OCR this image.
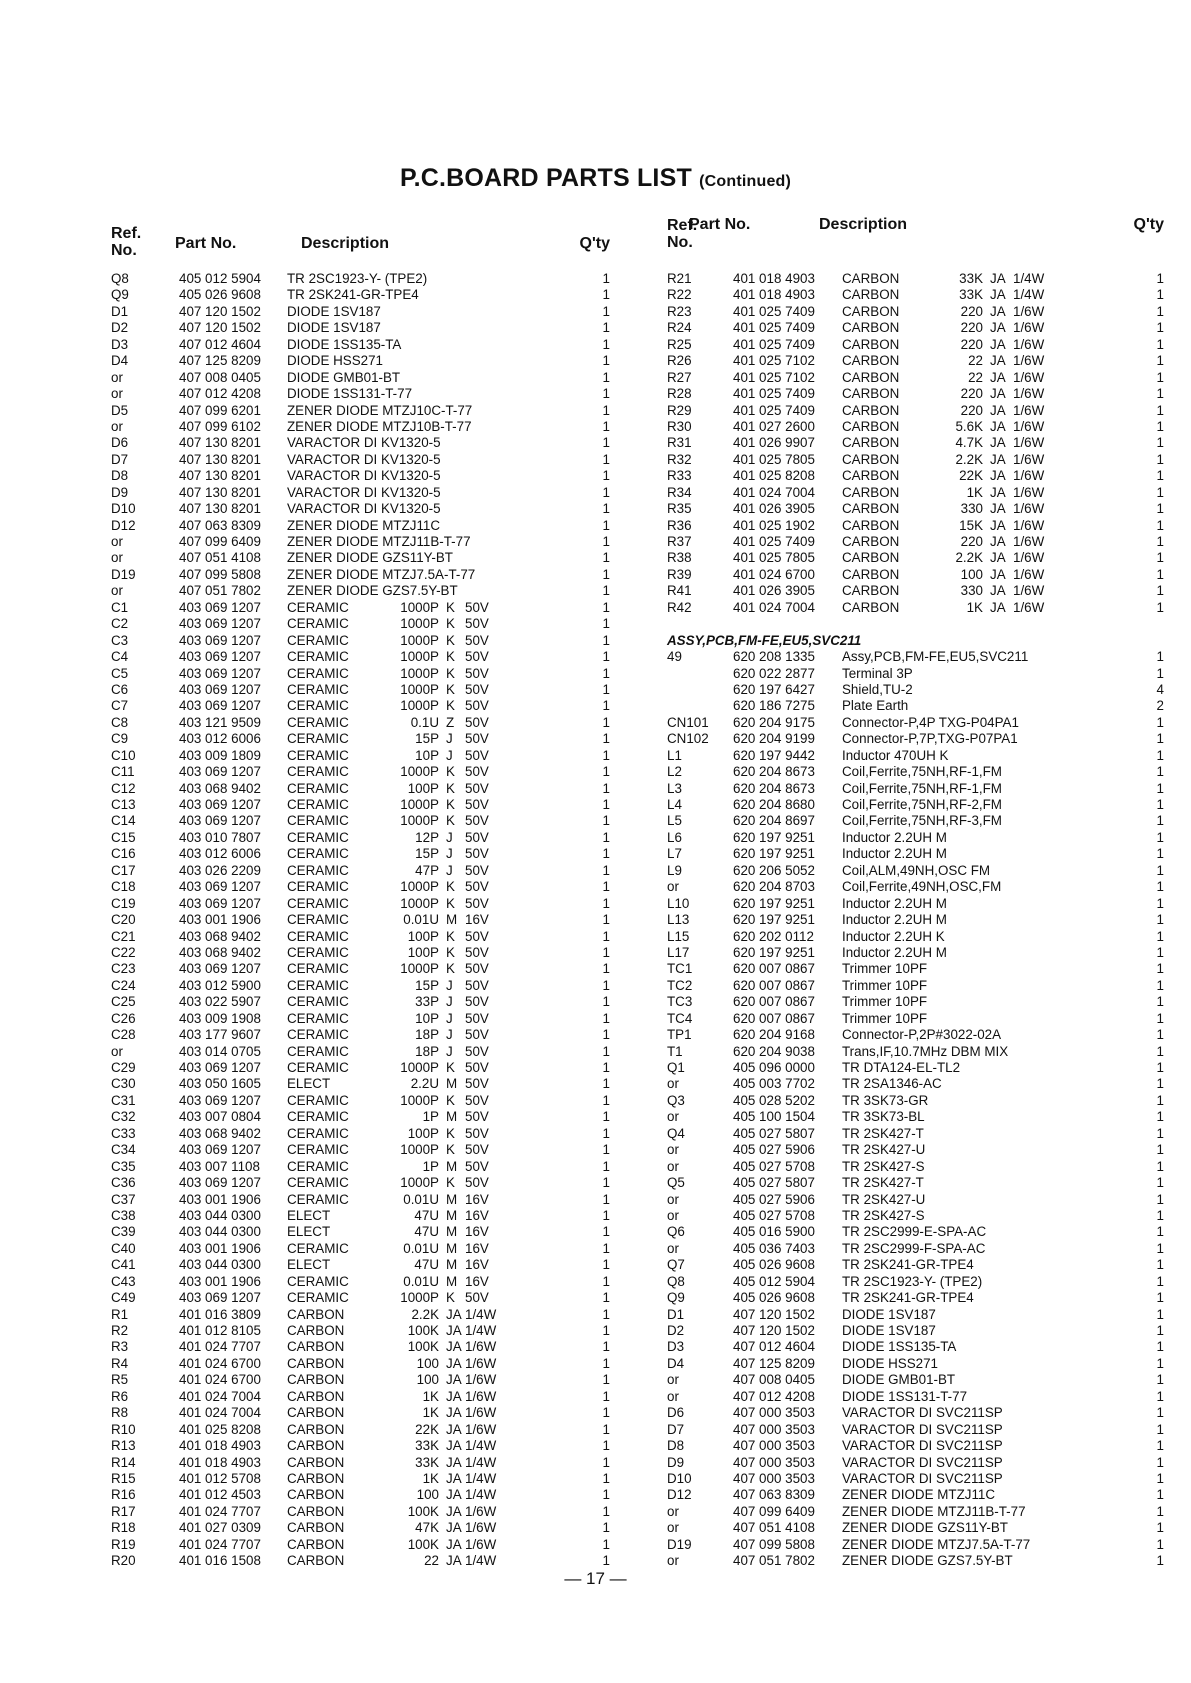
P.C.BOARD PARTS LIST (Continued)
Ref.
No. Part No.	Description	Q'ty
Q8	405 012 5904 TR 2SC1923-Y- (TPE2)	1
Q9	405 026 9608 TR 2SK241-GR-TPE4	1
D1	407 120 1502 DIODE 1SV187	1
D2	407 120 1502 DIODE 1SV187	1
D3	407 012 4604 DIODE 1SS135-TA	1
D4	407 125 8209 DIODE HSS271	1
or	407 008 0405 DIODE GMB01-BT	1
or	407 012 4208 DIODE 1SS131-T-77	1
D5	407 099 6201 ZENER DIODE MTZJ10C-T-77	1
or	407 099 6102 ZENER DIODE MTZJ10B-T-77	1
D6	407 130 8201 VARACTOR DI KV1320-5	1
D7	407 130 8201 VARACTOR DI KV1320-5	1
D8	407 130 8201 VARACTOR DI KV1320-5	1
D9	407 130 8201 VARACTOR DI KV1320-5	1
D10	407 130 8201 VARACTOR DI KV1320-5	1
D12	407 063 8309 ZENER DIODE MTZJ11C	1
or	407 099 6409 ZENER DIODE MTZJ11B-T-77	1
or	407 051 4108 ZENER DIODE GZS11Y-BT	1
D19	407 099 5808 ZENER DIODE MTZJ7.5A-T-77	1
or	407 051 7802 ZENER DIODE GZS7.5Y-BT	1
C1	403 069 1207 CERAMIC	1000P K 50V	1
C2	403 069 1207 CERAMIC	1000P K 50V	1
C3	403 069 1207 CERAMIC	1000P K 50V	1
C4	403 069 1207 CERAMIC	1000P K 50V	1
C5	403 069 1207 CERAMIC	1000P K 50V	1
C6	403 069 1207 CERAMIC	1000P K 50V	1
C7	403 069 1207 CERAMIC	1000P K 50V	1
C8	403 121 9509 CERAMIC	0.1U Z 50V	1
C9	403 012 6006 CERAMIC	15P J 50V	1
C10	403 009 1809 CERAMIC	10P J 50V	1
C11	403 069 1207 CERAMIC	1000P K 50V	1
C12	403 068 9402 CERAMIC	100P K 50V	1
C13	403 069 1207 CERAMIC	1000P K 50V	1
C14	403 069 1207 CERAMIC	1000P K 50V	1
C15	403 010 7807 CERAMIC	12P J 50V	1
C16	403 012 6006 CERAMIC	15P J 50V	1
C17	403 026 2209 CERAMIC	47P J 50V	1
C18	403 069 1207 CERAMIC	1000P K 50V	1
C19	403 069 1207 CERAMIC	1000P K 50V	1
C20	403 001 1906 CERAMIC	0.01U M 16V	1
C21	403 068 9402 CERAMIC	100P K 50V	1
C22	403 068 9402 CERAMIC	100P K 50V	1
C23	403 069 1207 CERAMIC	1000P K 50V	1
C24	403 012 5900 CERAMIC	15P J 50V	1
C25	403 022 5907 CERAMIC	33P J 50V	1
C26	403 009 1908 CERAMIC	10P J 50V	1
C28	403 177 9607 CERAMIC	18P J 50V	1
or	403 014 0705 CERAMIC	18P J 50V	1
C29	403 069 1207 CERAMIC	1000P K 50V	1
C30	403 050 1605 ELECT	2.2U M 50V	1
C31	403 069 1207 CERAMIC	1000P K 50V	1
C32	403 007 0804 CERAMIC	1P M 50V	1
C33	403 068 9402 CERAMIC	100P K 50V	1
C34	403 069 1207 CERAMIC	1000P K 50V	1
C35	403 007 1108 CERAMIC	1P M 50V	1
C36	403 069 1207 CERAMIC	1000P K 50V	1
C37	403 001 1906 CERAMIC	0.01U M 16V	1
C38	403 044 0300 ELECT	47U M 16V	1
C39	403 044 0300 ELECT	47U M 16V	1
C40	403 001 1906 CERAMIC	0.01U M 16V	1
C41	403 044 0300 ELECT	47U M 16V	1
C43	403 001 1906 CERAMIC	0.01U M 16V	1
C49	403 069 1207 CERAMIC	1000P K 50V	1
R1	401 016 3809 CARBON	2.2K JA 1/4W	1
R2	401 012 8105 CARBON	100K JA 1/4W	1
R3	401 024 7707 CARBON	100K JA 1/6W	1
R4	401 024 6700 CARBON	100 JA 1/6W	1
R5	401 024 6700 CARBON	100 JA 1/6W	1
R6	401 024 7004 CARBON	1K JA 1/6W	1
R8	401 024 7004 CARBON	1K JA 1/6W	1
R10	401 025 8208 CARBON	22K JA 1/6W	1
R13	401 018 4903 CARBON	33K JA 1/4W	1
R14	401 018 4903 CARBON	33K JA 1/4W	1
R15	401 012 5708 CARBON	1K JA 1/4W	1
R16	401 012 4503 CARBON	100 JA 1/4W	1
R17	401 024 7707 CARBON	100K JA 1/6W	1
R18	401 027 0309 CARBON	47K JA 1/6W	1
R19	401 024 7707 CARBON	100K JA 1/6W	1
R20	401 016 1508 CARBON	22 JA 1/4W	1
Ref.
No.
Part No.	Description	Q'ty
R21	401 018 4903 CARBON	33K JA 1/4W	1
R22	401 018 4903 CARBON	33K JA 1/4W	1
R23	401 025 7409 CARBON	220 JA 1/6W	1
R24	401 025 7409 CARBON	220 JA 1/6W	1
R25	401 025 7409 CARBON	220 JA 1/6W	1
R26	401 025 7102 CARBON	22 JA 1/6W	1
R27	401 025 7102 CARBON	22 JA 1/6W	1
R28	401 025 7409 CARBON	220 JA 1/6W	1
R29	401 025 7409 CARBON	220 JA 1/6W	1
R30	401 027 2600 CARBON	5.6K JA 1/6W	1
R31	401 026 9907 CARBON	4.7K JA 1/6W	1
R32	401 025 7805 CARBON	2.2K JA 1/6W	1
R33	401 025 8208 CARBON	22K JA 1/6W	1
R34	401 024 7004 CARBON	1K JA 1/6W	1
R35	401 026 3905 CARBON	330 JA 1/6W	1
R36	401 025 1902 CARBON	15K JA 1/6W	1
R37	401 025 7409 CARBON	220 JA 1/6W	1
R38	401 025 7805 CARBON	2.2K JA 1/6W	1
R39	401 024 6700 CARBON	100 JA 1/6W	1
R41	401 026 3905 CARBON	330 JA 1/6W	1
R42	401 024 7004 CARBON	1K JA 1/6W	1
ASSY,PCB,FM-FE,EU5,SVC211
49	620 208 1335 Assy,PCB,FM-FE,EU5,SVC211	1
620 022 2877 Terminal 3P	1
620 197 6427 Shield,TU-2	4
620 186 7275 Plate Earth	2
CN101 620 204 9175 Connector-P,4P TXG-P04PA1	1
CN102 620 204 9199 Connector-P,7P,TXG-P07PA1	1
L1	620 197 9442 Inductor 470UH K	1
L2	620 204 8673 Coil,Ferrite,75NH,RF-1,FM	1
L3	620 204 8673 Coil,Ferrite,75NH,RF-1,FM	1
L4	620 204 8680 Coil,Ferrite,75NH,RF-2,FM	1
L5	620 204 8697 Coil,Ferrite,75NH,RF-3,FM	1
L6	620 197 9251 Inductor 2.2UH M	1
L7	620 197 9251 Inductor 2.2UH M	1
L9	620 206 5052 Coil,ALM,49NH,OSC FM	1
or	620 204 8703 Coil,Ferrite,49NH,OSC,FM	1
L10	620 197 9251 Inductor 2.2UH M	1
L13	620 197 9251 Inductor 2.2UH M	1
L15	620 202 0112 Inductor 2.2UH K	1
L17	620 197 9251 Inductor 2.2UH M	1
TC1	620 007 0867 Trimmer 10PF	1
TC2	620 007 0867 Trimmer 10PF	1
TC3	620 007 0867 Trimmer 10PF	1
TC4	620 007 0867 Trimmer 10PF	1
TP1	620 204 9168 Connector-P,2P#3022-02A	1
T1	620 204 9038 Trans,IF,10.7MHz DBM MIX	1
Q1	405 096 0000 TR DTA124-EL-TL2	1
or	405 003 7702 TR 2SA1346-AC	1
Q3	405 028 5202 TR 3SK73-GR	1
or	405 100 1504 TR 3SK73-BL	1
Q4	405 027 5807 TR 2SK427-T	1
or	405 027 5906 TR 2SK427-U	1
or	405 027 5708 TR 2SK427-S	1
Q5	405 027 5807 TR 2SK427-T	1
or	405 027 5906 TR 2SK427-U	1
or	405 027 5708 TR 2SK427-S	1
Q6	405 016 5900 TR 2SC2999-E-SPA-AC	1
or	405 036 7403 TR 2SC2999-F-SPA-AC	1
Q7	405 026 9608 TR 2SK241-GR-TPE4	1
Q8	405 012 5904 TR 2SC1923-Y- (TPE2)	1
Q9	405 026 9608 TR 2SK241-GR-TPE4	1
D1	407 120 1502 DIODE 1SV187	1
D2	407 120 1502 DIODE 1SV187	1
D3	407 012 4604 DIODE 1SS135-TA	1
D4	407 125 8209 DIODE HSS271	1
or	407 008 0405 DIODE GMB01-BT	1
or	407 012 4208 DIODE 1SS131-T-77	1
D6	407 000 3503 VARACTOR DI SVC211SP	1
D7	407 000 3503 VARACTOR DI SVC211SP	1
D8	407 000 3503 VARACTOR DI SVC211SP	1
D9	407 000 3503 VARACTOR DI SVC211SP	1
D10	407 000 3503 VARACTOR DI SVC211SP	1
D12	407 063 8309 ZENER DIODE MTZJ11C	1
or	407 099 6409 ZENER DIODE MTZJ11B-T-77	1
or	407 051 4108 ZENER DIODE GZS11Y-BT	1
D19	407 099 5808 ZENER DIODE MTZJ7.5A-T-77	1
or	407 051 7802 ZENER DIODE GZS7.5Y-BT	1
— 17 —
